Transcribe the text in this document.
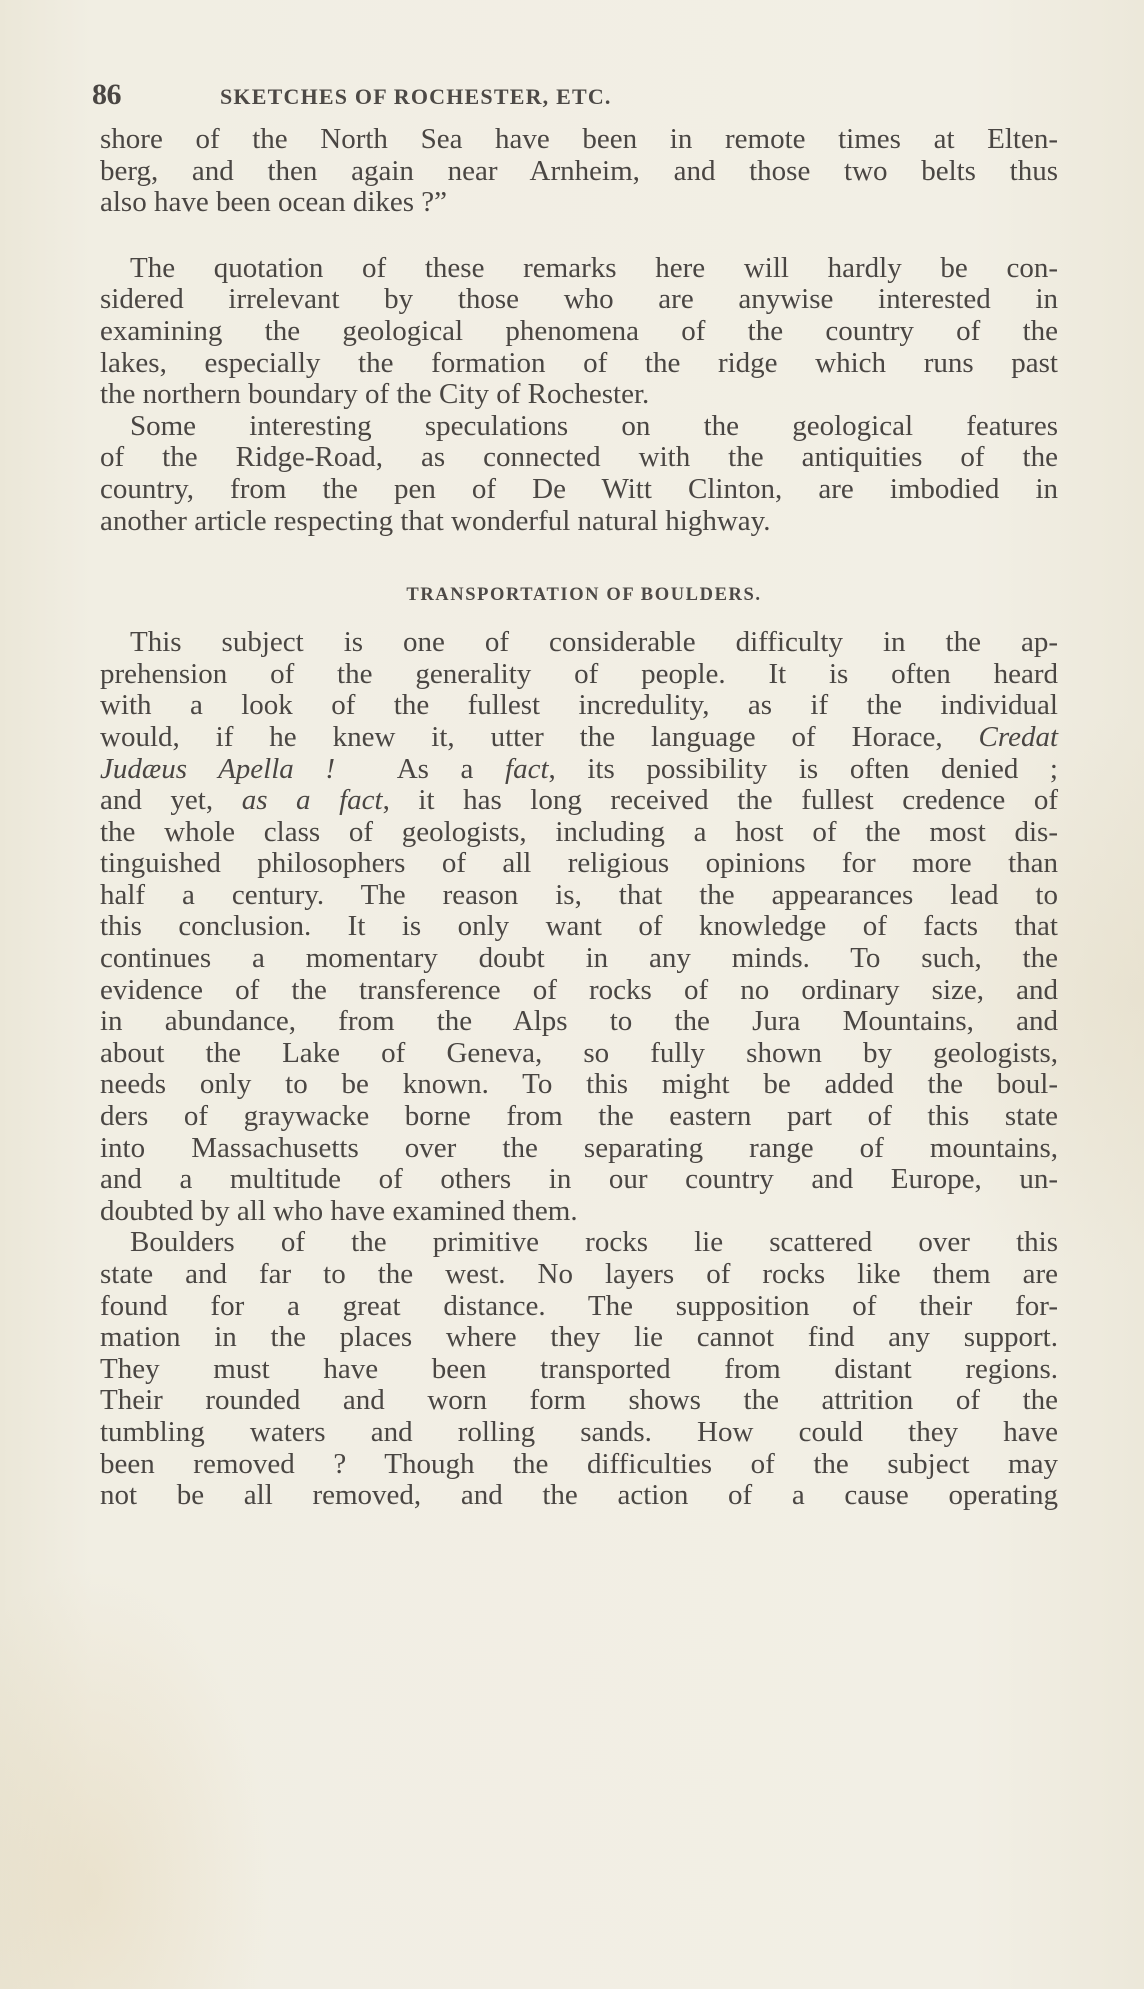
86	SKETCHES OF ROCHESTER, ETC.

shore of the North Sea have been in remote times at Elten-
berg, and then again near Arnheim, and those two belts thus
also have been ocean dikes ?”

The quotation of these remarks here will hardly be con-
sidered irrelevant by those who are anywise interested in
examining the geological phenomena of the country of the
lakes, especially the formation of the ridge which runs past
the northern boundary of the City of Rochester.

Some interesting speculations on the geological features
of the Ridge-Road, as connected with the antiquities of the
country, from the pen of De Witt Clinton, are imbodied in
another article respecting that wonderful natural highway.

TRANSPORTATION OF BOULDERS.

This subject is one of considerable difficulty in the ap-
prehension of the generality of people. It is often heard
with a look of the fullest incredulity, as if the individual
would, if he knew it, utter the language of Horace, Credat
Judæus Apella !  As a fact, its possibility is often denied ;
and yet, as a fact, it has long received the fullest credence of
the whole class of geologists, including a host of the most dis-
tinguished philosophers of all religious opinions for more than
half a century. The reason is, that the appearances lead to
this conclusion. It is only want of knowledge of facts that
continues a momentary doubt in any minds. To such, the
evidence of the transference of rocks of no ordinary size, and
in abundance, from the Alps to the Jura Mountains, and
about the Lake of Geneva, so fully shown by geologists,
needs only to be known. To this might be added the boul-
ders of graywacke borne from the eastern part of this state
into Massachusetts over the separating range of mountains,
and a multitude of others in our country and Europe, un-
doubted by all who have examined them.

Boulders of the primitive rocks lie scattered over this
state and far to the west. No layers of rocks like them are
found for a great distance. The supposition of their for-
mation in the places where they lie cannot find any support.
They must have been transported from distant regions.
Their rounded and worn form shows the attrition of the
tumbling waters and rolling sands. How could they have
been removed ? Though the difficulties of the subject may
not be all removed, and the action of a cause operating
